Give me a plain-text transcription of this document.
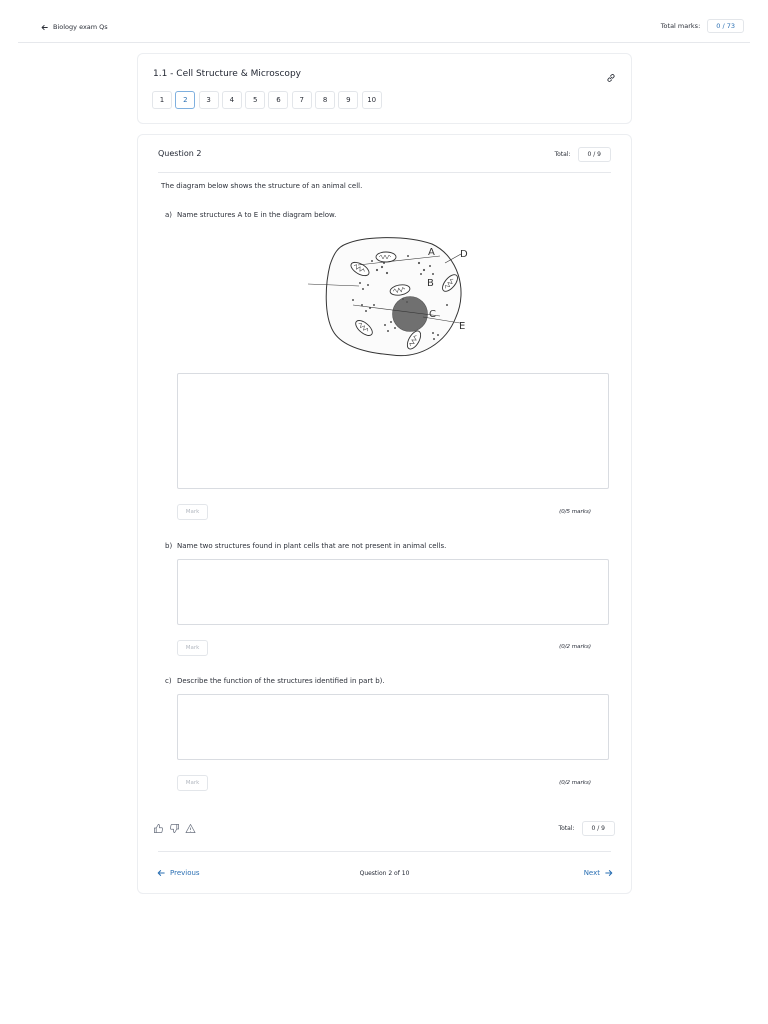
Biology exam Qs	Total marks:	0 / 73
1.1 - Cell Structure & Microscopy
1	2	3	4	5	6	7	8	9	10
Question 2	Total:	0 / 9
The diagram below shows the structure of an animal cell.
a) Name structures A to E in the diagram below.
A
B
C
D
E
Mark	(0/5 marks)
b) Name two structures found in plant cells that are not present in animal cells.
Mark	(0/2 marks)
c) Describe the function of the structures identified in part b).
Mark	(0/2 marks)
Total:	0 / 9
Previous	Question 2 of 10	Next
